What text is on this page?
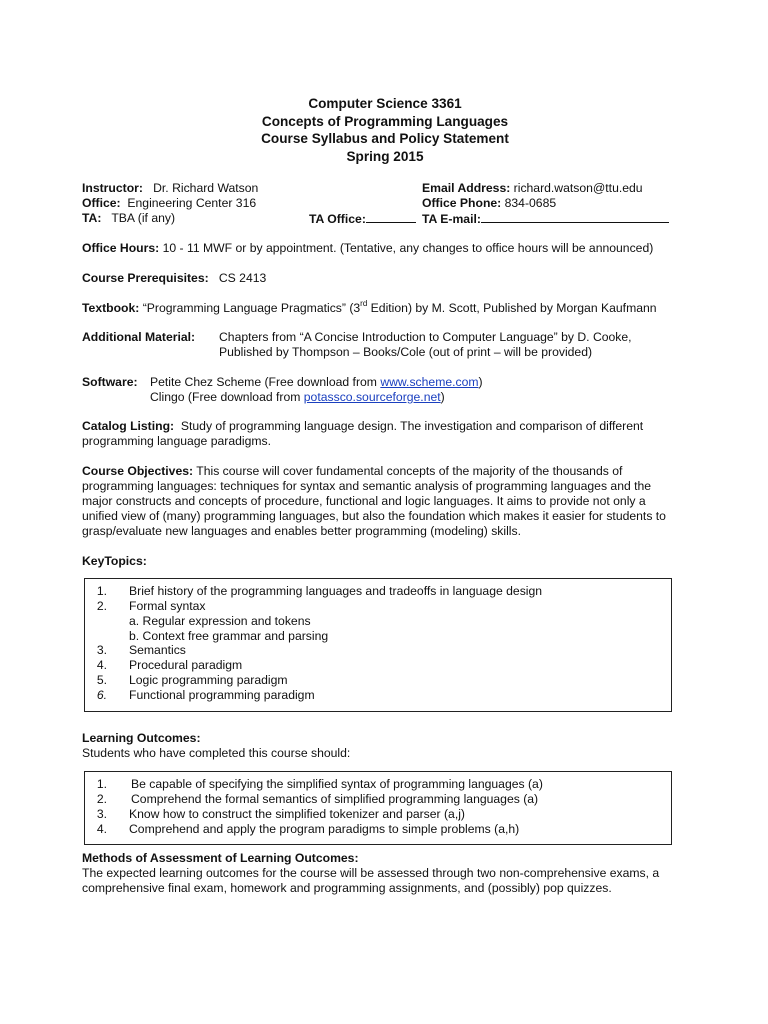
Computer Science 3361
Concepts of Programming Languages
Course Syllabus and Policy Statement
Spring 2015
Instructor: Dr. Richard Watson
Office: Engineering Center 316
TA: TBA (if any)	TA Office:	TA E-mail:
Email Address: richard.watson@ttu.edu
Office Phone: 834-0685
Office Hours: 10 - 11 MWF or by appointment. (Tentative, any changes to office hours will be announced)
Course Prerequisites: CS 2413
Textbook: “Programming Language Pragmatics” (3rd Edition) by M. Scott, Published by Morgan Kaufmann
Additional Material: Chapters from “A Concise Introduction to Computer Language” by D. Cooke,
Published by Thompson – Books/Cole (out of print – will be provided)
Software: Petite Chez Scheme (Free download from www.scheme.com)
Clingo (Free download from potassco.sourceforge.net)
Catalog Listing: Study of programming language design. The investigation and comparison of different
programming language paradigms.
Course Objectives: This course will cover fundamental concepts of the majority of the thousands of
programming languages: techniques for syntax and semantic analysis of programming languages and the
major constructs and concepts of procedure, functional and logic languages. It aims to provide not only a
unified view of (many) programming languages, but also the foundation which makes it easier for students to
grasp/evaluate new languages and enables better programming (modeling) skills.
KeyTopics:
1. Brief history of the programming languages and tradeoffs in language design
2. Formal syntax
a. Regular expression and tokens
b. Context free grammar and parsing
3. Semantics
4. Procedural paradigm
5. Logic programming paradigm
6. Functional programming paradigm
Learning Outcomes:
Students who have completed this course should:
1. Be capable of specifying the simplified syntax of programming languages (a)
2. Comprehend the formal semantics of simplified programming languages (a)
3. Know how to construct the simplified tokenizer and parser (a,j)
4. Comprehend and apply the program paradigms to simple problems (a,h)
Methods of Assessment of Learning Outcomes:
The expected learning outcomes for the course will be assessed through two non-comprehensive exams, a
comprehensive final exam, homework and programming assignments, and (possibly) pop quizzes.
